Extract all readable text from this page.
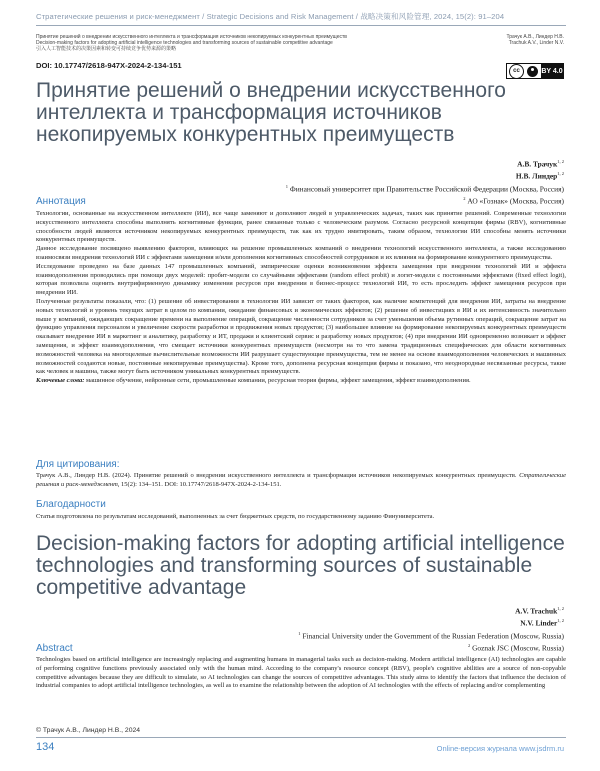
Стратегические решения и риск-менеджмент / Strategic Decisions and Risk Management / 战略决策和风险管理, 2024, 15(2): 91–204
Принятие решений о внедрении искусственного интеллекта и трансформация источников некопируемых конкурентных преимуществ
Decision-making factors for adopting artificial intelligence technologies and transforming sources of sustainable competitive advantage
引入人工智能技术的决策因素和转变可持续竞争优势来源的策略
Трачук А.В., Линдер Н.В.
Trachuk A.V., Linder N.V.
DOI: 10.17747/2618-947X-2024-2-134-151
cc	BY 4.0
Принятие решений о внедрении искусственного интеллекта и трансформация источников некопируемых конкурентных преимуществ
А.В. Трачук$^{1, 2}$
Н.В. Линдер$^{1, 2}$
$^1$ Финансовый университет при Правительстве Российской Федерации (Москва, Россия)
$^2$ АО «Гознак» (Москва, Россия)
Аннотация

Технологии, основанные на искусственном интеллекте (ИИ), все чаще заменяют и дополняют людей в управленческих задачах, таких как принятие решений. Современные технологии искусственного интеллекта способны выполнять когнитивные функции, ранее связанные только с человеческим разумом. Согласно ресурсной концепции фирмы (RBV), когнитивные способности людей являются источником некопируемых конкурентных преимуществ, так как их трудно имитировать, таким образом, технологии ИИ способны менять источники конкурентных преимуществ.

Данное исследование посвящено выявлению факторов, влияющих на решение промышленных компаний о внедрении технологий искусственного интеллекта, а также исследованию взаимосвязи внедрения технологий ИИ с эффектами замещения и/или дополнения когнитивных способностей сотрудников и их влияния на формирование конкурентного преимущества.

Исследование проведено на базе данных 147 промышленных компаний, эмпирические оценки возникновения эффекта замещения при внедрении технологий ИИ и эффекта взаимодополнения проводились при помощи двух моделей: пробит-модели со случайными эффектами (random effect probit) и логит-модели с постоянными эффектами (fixed effect logit), которая позволила оценить внутрифирменную динамику изменения ресурсов при внедрении в бизнес-процесс технологий ИИ, то есть проследить эффект замещения ресурсов при внедрении ИИ.

Полученные результаты показали, что: (1) решение об инвестировании в технологии ИИ зависит от таких факторов, как наличие компетенций для внедрения ИИ, затраты на внедрение новых технологий и уровень текущих затрат в целом по компании, ожидание финансовых и экономических эффектов; (2) решение об инвестициях в ИИ и их интенсивность значительно выше у компаний, ожидающих сокращение времени на выполнение операций, сокращение численности сотрудников за счет уменьшения объема рутинных операций, сокращение затрат на функцию управления персоналом и увеличение скорости разработки и продвижения новых продуктов; (3) наибольшее влияние на формирование некопируемых конкурентных преимуществ оказывает внедрение ИИ в маркетинг и аналитику, разработку и ИТ, продажи и клиентский сервис и разработку новых продуктов; (4) при внедрении ИИ одновременно возникает и эффект замещения, и эффект взаимодополнения, что смещает источники конкурентных преимуществ (несмотря на то что замена традиционных специфических для области когнитивных возможностей человека на многоцелевые вычислительные возможности ИИ разрушает существующие преимущества, тем не менее на основе взаимодополнения человеческих и машинных возможностей создаются новые, постоянные некопируемые преимущества). Кроме того, дополнена ресурсная концепция фирмы и показано, что неоднородные несвязанные ресурсы, такие как человек и машина, также могут быть источником уникальных конкурентных преимуществ.

Ключевые слова: машинное обучение, нейронные сети, промышленные компании, ресурсная теория фирмы, эффект замещения, эффект взаимодополнения.

Для цитирования:

Трачук А.В., Линдер Н.В. (2024). Принятие решений о внедрении искусственного интеллекта и трансформация источников некопируемых конкурентных преимуществ. Стратегические решения и риск-менеджмент, 15(2): 134–151. DOI: 10.17747/2618-947X-2024-2-134-151.

Благодарности
Статья подготовлена по результатам исследований, выполненных за счет бюджетных средств, по государственному заданию Финуниверситета.
Decision-making factors for adopting artificial intelligence technologies and transforming sources of sustainable competitive advantage
A.V. Trachuk$^{1, 2}$
N.V. Linder$^{1, 2}$
$^1$ Financial University under the Government of the Russian Federation (Moscow, Russia)
$^2$ Goznak JSC (Moscow, Russia)
Abstract

Technologies based on artificial intelligence are increasingly replacing and augmenting humans in managerial tasks such as decision-making. Modern artificial intelligence (AI) technologies are capable of performing cognitive functions previously associated only with the human mind. According to the company's resource concept (RBV), people's cognitive abilities are a source of non-copyable competitive advantages because they are difficult to simulate, so AI technologies can change the sources of competitive advantages. This study aims to identify the factors that influence the decision of industrial companies to adopt artificial intelligence technologies, as well as to examine the relationship between the adoption of AI technologies with the effects of replacing and/or complementing

© Трачук А.В., Линдер Н.В., 2024
134	Online-версия журнала www.jsdrm.ru
